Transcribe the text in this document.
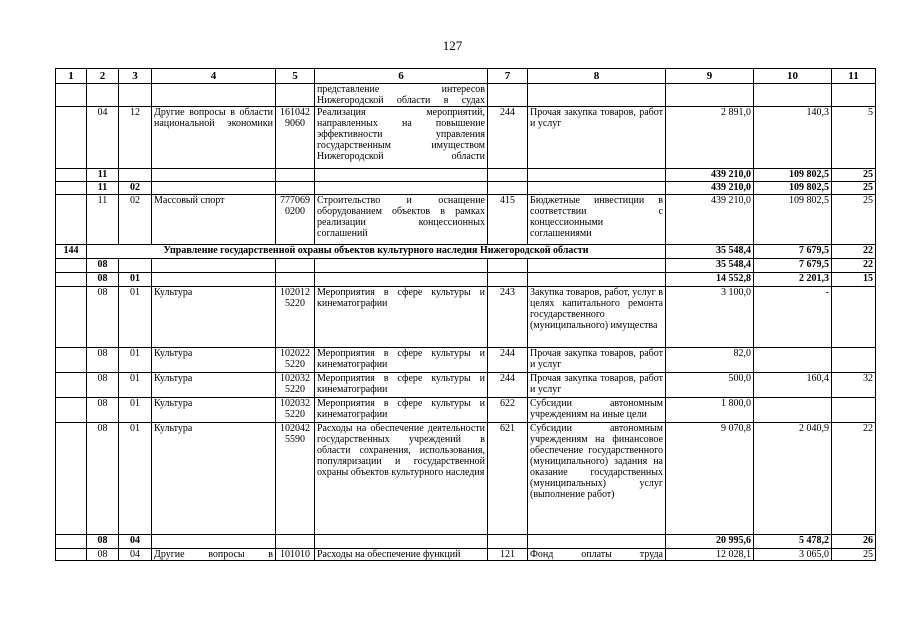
127
1	2	3	4	5	6	7	8	9	10	11
					представление интересов Нижегородской области в судах					
	04	12	Другие вопросы в области национальной экономики	1610429060	Реализация мероприятий, направленных на повышение эффективности управления государственным имуществом Нижегородской области	244	Прочая закупка товаров, работ и услуг	2 891,0	140,3	5
	11							439 210,0	109 802,5	25
	11	02						439 210,0	109 802,5	25
	11	02	Массовый спорт	7770690200	Строительство и оснащение оборудованием объектов в рамках реализации концессионных соглашений	415	Бюджетные инвестиции в соответствии с концессионными соглашениями	439 210,0	109 802,5	25
144	Управление государственной охраны объектов культурного наследия Нижегородской области							35 548,4	7 679,5	22
	08							35 548,4	7 679,5	22
	08	01						14 552,8	2 201,3	15
	08	01	Культура	1020125220	Мероприятия в сфере культуры и кинематографии	243	Закупка товаров, работ, услуг в целях капитального ремонта государственного (муниципального) имущества	3 100,0	-	
	08	01	Культура	1020225220	Мероприятия в сфере культуры и кинематографии	244	Прочая закупка товаров, работ и услуг	82,0		
	08	01	Культура	1020325220	Мероприятия в сфере культуры и кинематографии	244	Прочая закупка товаров, работ и услуг	500,0	160,4	32
	08	01	Культура	1020325220	Мероприятия в сфере культуры и кинематографии	622	Субсидии автономным учреждениям на иные цели	1 800,0		
	08	01	Культура	1020425590	Расходы на обеспечение деятельности государственных учреждений в области сохранения, использования, популяризации и государственной охраны объектов культурного наследия	621	Субсидии автономным учреждениям на финансовое обеспечение государственного (муниципального) задания на оказание государственных (муниципальных) услуг (выполнение работ)	9 070,8	2 040,9	22
	08	04						20 995,6	5 478,2	26
	08	04	Другие вопросы в	101010	Расходы на обеспечение функций	121	Фонд оплаты труда	12 028,1	3 065,0	25
